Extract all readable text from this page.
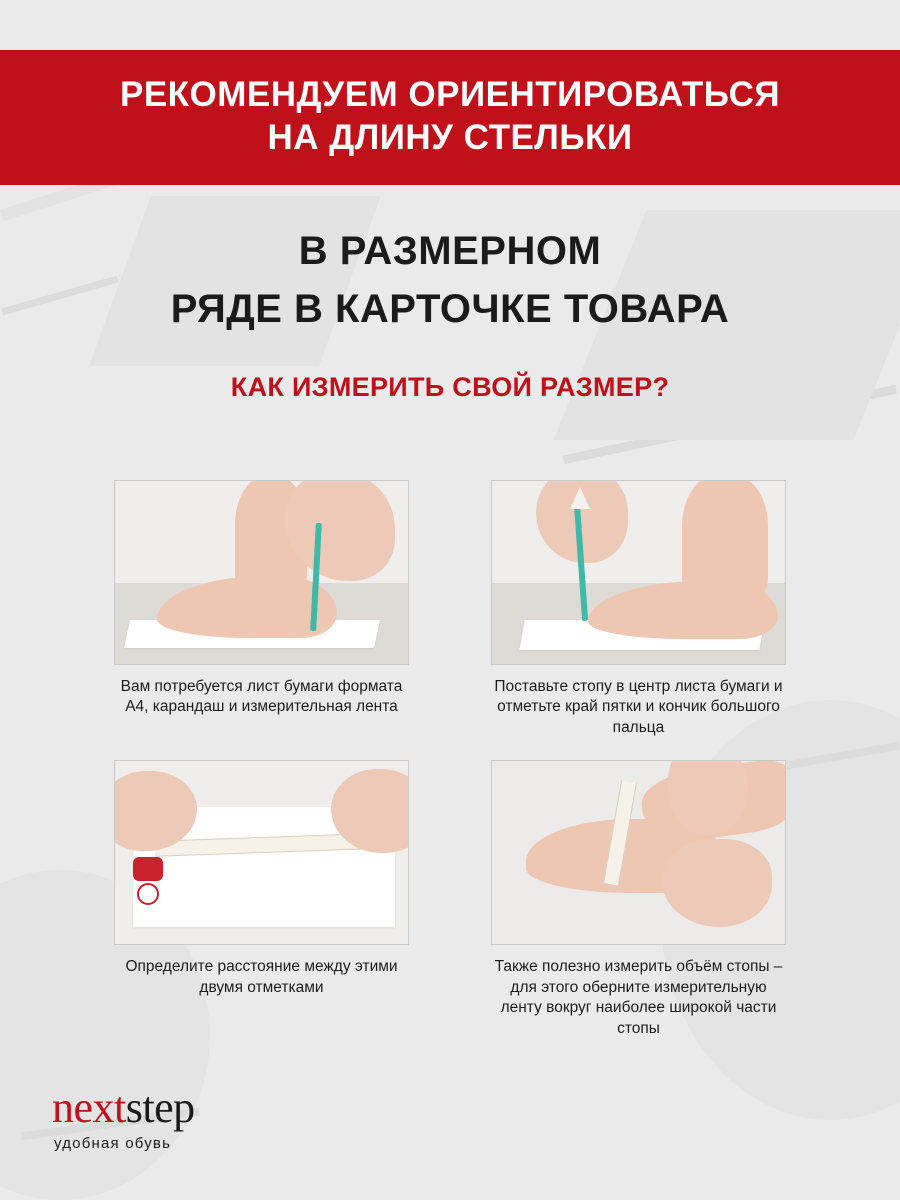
РЕКОМЕНДУЕМ ОРИЕНТИРОВАТЬСЯ
НА ДЛИНУ СТЕЛЬКИ
В РАЗМЕРНОМ
РЯДЕ В КАРТОЧКЕ ТОВАРА
КАК ИЗМЕРИТЬ СВОЙ РАЗМЕР?
Вам потребуется лист бумаги формата А4, карандаш и измерительная лента
Поставьте стопу в центр листа бумаги и отметьте край пятки и кончик большого пальца
Определите расстояние между этими двумя отметками
Также полезно измерить объём стопы – для этого оберните измерительную ленту вокруг наиболее широкой части стопы
next step
удобная обувь
